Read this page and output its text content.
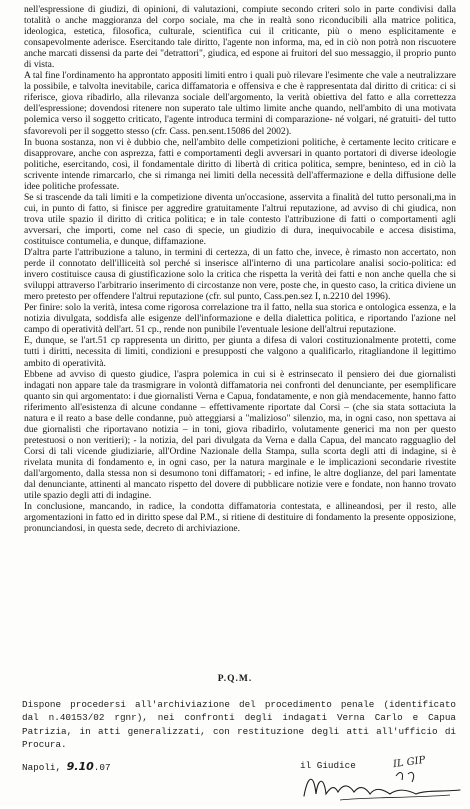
nell'espressione di giudizi, di opinioni, di valutazioni, compiute secondo criteri solo in parte condivisi dalla totalità o anche maggioranza del corpo sociale, ma che in realtà sono riconducibili alla matrice politica, ideologica, estetica, filosofica, culturale, scientifica cui il criticante, più o meno esplicitamente e consapevolmente aderisce. Esercitando tale diritto, l'agente non informa, ma, ed in ciò non potrà non riscuotere anche marcati dissensi da parte dei "detrattori", giudica, ed espone ai fruitori del suo messaggio, il proprio punto di vista.

A tal fine l'ordinamento ha approntato appositi limiti entro i quali può rilevare l'esimente che vale a neutralizzare la possibile, e talvolta inevitabile, carica diffamatoria e offensiva e che è rappresentata dal diritto di critica: ci si riferisce, giova ribadirlo, alla rilevanza sociale dell'argomento, la verità obiettiva del fatto e alla correttezza dell'espressione; dovendosi ritenere non superato tale ultimo limite anche quando, nell'ambito di una motivata polemica verso il soggetto criticato, l'agente introduca termini di comparazione- né volgari, né gratuiti- del tutto sfavorevoli per il soggetto stesso (cfr. Cass. pen.sent.15086 del 2002).

In buona sostanza, non vi è dubbio che, nell'ambito delle competizioni politiche, è certamente lecito criticare e disapprovare, anche con asprezza, fatti e comportamenti degli avversari in quanto portatori di diverse ideologie politiche, esercitando, così, il fondamentale diritto di libertà di critica politica, sempre, beninteso, ed in ciò la scrivente intende rimarcarlo, che si rimanga nei limiti della necessità dell'affermazione e della diffusione delle idee politiche professate.

Se si trascende da tali limiti e la competizione diventa un'occasione, asservita a finalità del tutto personali,ma in cui, in punto di fatto, si finisce per aggredire gratuitamente l'altrui reputazione, ad avviso di chi giudica, non trova utile spazio il diritto di critica politica; e in tale contesto l'attribuzione di fatti o comportamenti agli avversari, che importi, come nel caso di specie, un giudizio di dura, inequivocabile e accesa disistima, costituisce contumelia, e dunque, diffamazione.

D'altra parte l'attribuzione a taluno, in termini di certezza, di un fatto che, invece, è rimasto non accertato, non perde il connotato dell'illiceità sol perché si inserisce all'interno di una particolare analisi socio-politica: ed invero costituisce causa di giustificazione solo la critica che rispetta la verità dei fatti e non anche quella che si sviluppi attraverso l'arbitrario inserimento di circostanze non vere, poste che, in questo caso, la critica diviene un mero pretesto per offendere l'altrui reputazione (cfr. sul punto, Cass.pen.sez I, n.2210 del 1996).

Per finire: solo la verità, intesa come rigorosa correlazione tra il fatto, nella sua storica e ontologica essenza, e la notizia divulgata, soddisfa alle esigenze dell'informazione e della dialettica politica, e riportando l'azione nel campo di operatività dell'art. 51 cp., rende non punibile l'eventuale lesione dell'altrui reputazione.

E, dunque, se l'art.51 cp rappresenta un diritto, per giunta a difesa di valori costituzionalmente protetti, come tutti i diritti, necessita di limiti, condizioni e presupposti che valgono a qualificarlo, ritagliandone il legittimo ambito di operatività.

Ebbene ad avviso di questo giudice, l'aspra polemica in cui si è estrinsecato il pensiero dei due giornalisti indagati non appare tale da trasmigrare in volontà diffamatoria nei confronti del denunciante, per esemplificare quanto sin qui argomentato: i due giornalisti Verna e Capua, fondatamente, e non già mendacemente, hanno fatto riferimento all'esistenza di alcune condanne – effettivamente riportate dal Corsi – (che sia stata sottaciuta la natura e il reato a base delle condanne, può atteggiarsi a "malizioso" silenzio, ma, in ogni caso, non spettava ai due giornalisti che riportavano notizia – in toni, giova ribadirlo, volutamente generici ma non per questo pretestuosi o non veritieri); - la notizia, del pari divulgata da Verna e dalla Capua, del mancato ragguaglio del Corsi di tali vicende giudiziarie, all'Ordine Nazionale della Stampa, sulla scorta degli atti di indagine, si è rivelata munita di fondamento e, in ogni caso, per la natura marginale e le implicazioni secondarie rivestite dall'argomento, dalla stessa non si desumono toni diffamatori; - ed infine, le altre doglianze, del pari lamentate dal denunciante, attinenti al mancato rispetto del dovere di pubblicare notizie vere e fondate, non hanno trovato utile spazio degli atti di indagine.

In conclusione, mancando, in radice, la condotta diffamatoria contestata, e allineandosi, per il resto, alle argomentazioni in fatto ed in diritto spese dal P.M., si ritiene di destituire di fondamento la presente opposizione, pronunciandosi, in questa sede, decreto di archiviazione.

P.Q.M.
Dispone procedersi all'archiviazione del procedimento penale (identificato dal n.40153/02 rgnr), nei confronti degli indagati Verna Carlo e Capua Patrizia, in atti generalizzati, con restituzione degli atti all'ufficio di Procura.
Napoli, 9.10.07	il Giudice	IL GIP
